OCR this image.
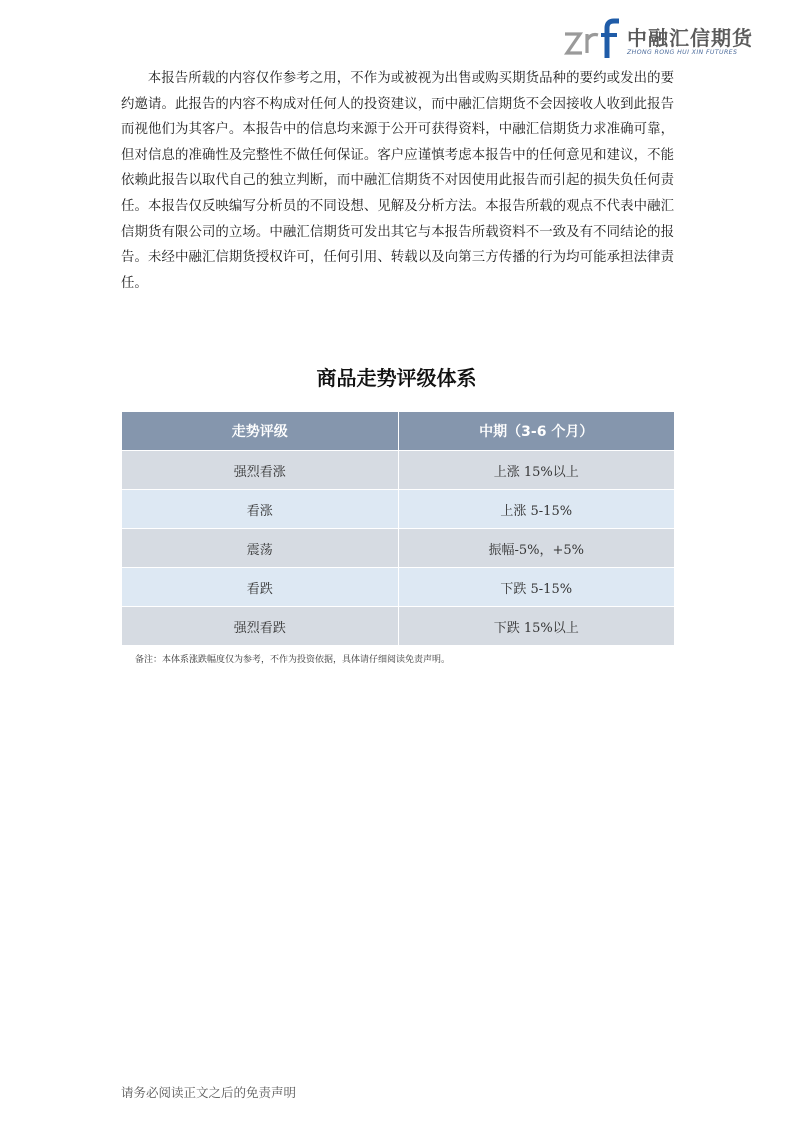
中融汇信期货
ZHONG RONG HUI XIN FUTURES

本报告所载的内容仅作参考之用，不作为或被视为出售或购买期货品种的要约或发出的要约邀请。此报告的内容不构成对任何人的投资建议，而中融汇信期货不会因接收人收到此报告而视他们为其客户。本报告中的信息均来源于公开可获得资料，中融汇信期货力求准确可靠，但对信息的准确性及完整性不做任何保证。客户应谨慎考虑本报告中的任何意见和建议，不能依赖此报告以取代自己的独立判断，而中融汇信期货不对因使用此报告而引起的损失负任何责任。本报告仅反映编写分析员的不同设想、见解及分析方法。本报告所载的观点不代表中融汇信期货有限公司的立场。中融汇信期货可发出其它与本报告所载资料不一致及有不同结论的报告。未经中融汇信期货授权许可，任何引用、转载以及向第三方传播的行为均可能承担法律责任。

商品走势评级体系
走势评级	中期（3-6 个月）
强烈看涨	上涨 15%以上
看涨	上涨 5-15%
震荡	振幅-5%，+5%
看跌	下跌 5-15%
强烈看跌	下跌 15%以上

备注：本体系涨跌幅度仅为参考，不作为投资依据，具体请仔细阅读免责声明。

请务必阅读正文之后的免责声明
